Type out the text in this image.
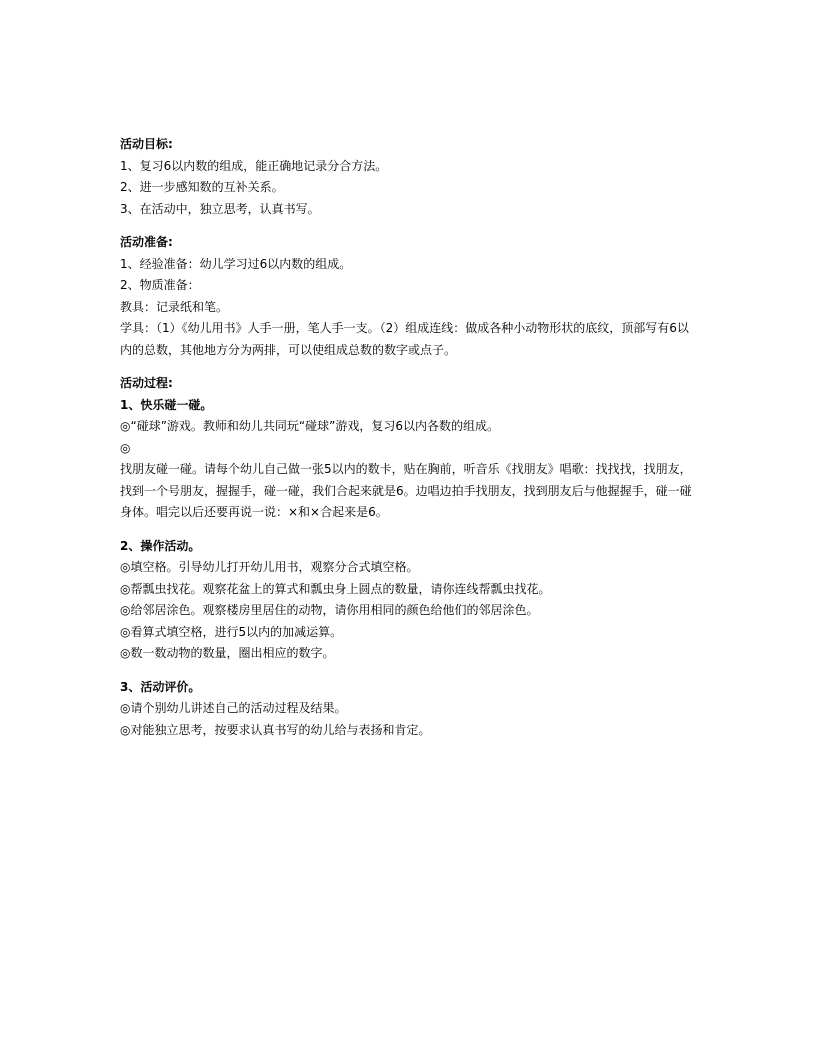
活动目标:
1、复习6以内数的组成，能正确地记录分合方法。
2、进一步感知数的互补关系。
3、在活动中，独立思考，认真书写。
活动准备:
1、经验准备：幼儿学习过6以内数的组成。
2、物质准备：
教具：记录纸和笔。
学具：（1）《幼儿用书》人手一册，笔人手一支。（2）组成连线：做成各种小动物形状的底纹，顶部写有6以内的总数，其他地方分为两排，可以使组成总数的数字或点子。
活动过程:
1、快乐碰一碰。
◎“碰球”游戏。教师和幼儿共同玩“碰球”游戏，复习6以内各数的组成。
◎
找朋友碰一碰。请每个幼儿自己做一张5以内的数卡，贴在胸前，听音乐《找朋友》唱歌：找找找，找朋友，找到一个号朋友，握握手，碰一碰，我们合起来就是6。边唱边拍手找朋友，找到朋友后与他握握手，碰一碰身体。唱完以后还要再说一说：×和×合起来是6。
2、操作活动。
◎填空格。引导幼儿打开幼儿用书，观察分合式填空格。
◎帮瓢虫找花。观察花盆上的算式和瓢虫身上圆点的数量，请你连线帮瓢虫找花。
◎给邻居涂色。观察楼房里居住的动物，请你用相同的颜色给他们的邻居涂色。
◎看算式填空格，进行5以内的加减运算。
◎数一数动物的数量，圈出相应的数字。
3、活动评价。
◎请个别幼儿讲述自己的活动过程及结果。
◎对能独立思考，按要求认真书写的幼儿给与表扬和肯定。
